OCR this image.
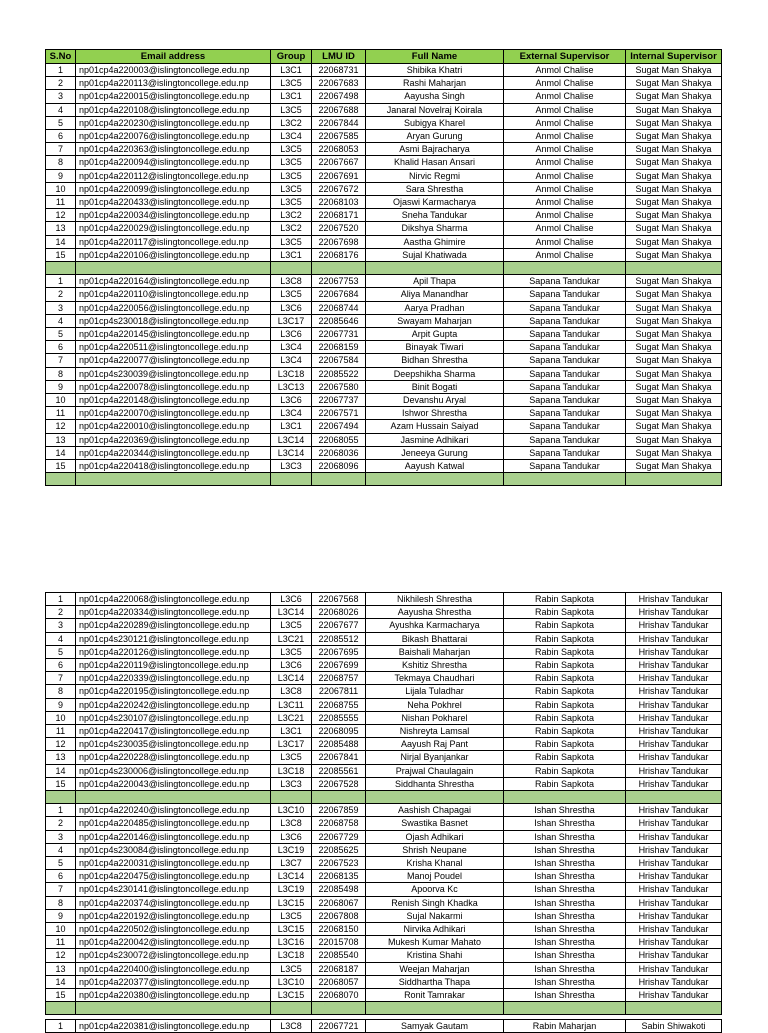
S.No	Email address	Group	LMU ID	Full Name	External Supervisor	Internal Supervisor
1	np01cp4a220003@islingtoncollege.edu.np	L3C1	22068731	Shibika Khatri	Anmol Chalise	Sugat Man Shakya
2	np01cp4a220113@islingtoncollege.edu.np	L3C5	22067683	Rashi Maharjan	Anmol Chalise	Sugat Man Shakya
3	np01cp4a220015@islingtoncollege.edu.np	L3C1	22067498	Aayusha Singh	Anmol Chalise	Sugat Man Shakya
4	np01cp4a220108@islingtoncollege.edu.np	L3C5	22067688	Janaral Novelraj Koirala	Anmol Chalise	Sugat Man Shakya
5	np01cp4a220230@islingtoncollege.edu.np	L3C2	22067844	Subigya Kharel	Anmol Chalise	Sugat Man Shakya
6	np01cp4a220076@islingtoncollege.edu.np	L3C4	22067585	Aryan Gurung	Anmol Chalise	Sugat Man Shakya
7	np01cp4a220363@islingtoncollege.edu.np	L3C5	22068053	Asmi Bajracharya	Anmol Chalise	Sugat Man Shakya
8	np01cp4a220094@islingtoncollege.edu.np	L3C5	22067667	Khalid Hasan Ansari	Anmol Chalise	Sugat Man Shakya
9	np01cp4a220112@islingtoncollege.edu.np	L3C5	22067691	Nirvic Regmi	Anmol Chalise	Sugat Man Shakya
10	np01cp4a220099@islingtoncollege.edu.np	L3C5	22067672	Sara Shrestha	Anmol Chalise	Sugat Man Shakya
11	np01cp4a220433@islingtoncollege.edu.np	L3C5	22068103	Ojaswi Karmacharya	Anmol Chalise	Sugat Man Shakya
12	np01cp4a220034@islingtoncollege.edu.np	L3C2	22068171	Sneha Tandukar	Anmol Chalise	Sugat Man Shakya
13	np01cp4a220029@islingtoncollege.edu.np	L3C2	22067520	Dikshya Sharma	Anmol Chalise	Sugat Man Shakya
14	np01cp4a220117@islingtoncollege.edu.np	L3C5	22067698	Aastha Ghimire	Anmol Chalise	Sugat Man Shakya
15	np01cp4a220106@islingtoncollege.edu.np	L3C1	22068176	Sujal Khatiwada	Anmol Chalise	Sugat Man Shakya

1	np01cp4a220164@islingtoncollege.edu.np	L3C8	22067753	Apil Thapa	Sapana Tandukar	Sugat Man Shakya
2	np01cp4a220110@islingtoncollege.edu.np	L3C5	22067684	Aliya Manandhar	Sapana Tandukar	Sugat Man Shakya
3	np01cp4a220056@islingtoncollege.edu.np	L3C6	22068744	Aarya Pradhan	Sapana Tandukar	Sugat Man Shakya
4	np01cp4s230018@islingtoncollege.edu.np	L3C17	22085646	Swayam Maharjan	Sapana Tandukar	Sugat Man Shakya
5	np01cp4a220145@islingtoncollege.edu.np	L3C6	22067731	Arpit Gupta	Sapana Tandukar	Sugat Man Shakya
6	np01cp4a220511@islingtoncollege.edu.np	L3C4	22068159	Binayak Tiwari	Sapana Tandukar	Sugat Man Shakya
7	np01cp4a220077@islingtoncollege.edu.np	L3C4	22067584	Bidhan Shrestha	Sapana Tandukar	Sugat Man Shakya
8	np01cp4s230039@islingtoncollege.edu.np	L3C18	22085522	Deepshikha Sharma	Sapana Tandukar	Sugat Man Shakya
9	np01cp4a220078@islingtoncollege.edu.np	L3C13	22067580	Binit Bogati	Sapana Tandukar	Sugat Man Shakya
10	np01cp4a220148@islingtoncollege.edu.np	L3C6	22067737	Devanshu Aryal	Sapana Tandukar	Sugat Man Shakya
11	np01cp4a220070@islingtoncollege.edu.np	L3C4	22067571	Ishwor Shrestha	Sapana Tandukar	Sugat Man Shakya
12	np01cp4a220010@islingtoncollege.edu.np	L3C1	22067494	Azam Hussain Saiyad	Sapana Tandukar	Sugat Man Shakya
13	np01cp4a220369@islingtoncollege.edu.np	L3C14	22068055	Jasmine Adhikari	Sapana Tandukar	Sugat Man Shakya
14	np01cp4a220344@islingtoncollege.edu.np	L3C14	22068036	Jeneeya Gurung	Sapana Tandukar	Sugat Man Shakya
15	np01cp4a220418@islingtoncollege.edu.np	L3C3	22068096	Aayush Katwal	Sapana Tandukar	Sugat Man Shakya

1	np01cp4a220068@islingtoncollege.edu.np	L3C6	22067568	Nikhilesh Shrestha	Rabin Sapkota	Hrishav Tandukar
2	np01cp4a220334@islingtoncollege.edu.np	L3C14	22068026	Aayusha Shrestha	Rabin Sapkota	Hrishav Tandukar
3	np01cp4a220289@islingtoncollege.edu.np	L3C5	22067677	Ayushka Karmacharya	Rabin Sapkota	Hrishav Tandukar
4	np01cp4s230121@islingtoncollege.edu.np	L3C21	22085512	Bikash Bhattarai	Rabin Sapkota	Hrishav Tandukar
5	np01cp4a220126@islingtoncollege.edu.np	L3C5	22067695	Baishali Maharjan	Rabin Sapkota	Hrishav Tandukar
6	np01cp4a220119@islingtoncollege.edu.np	L3C6	22067699	Kshitiz Shrestha	Rabin Sapkota	Hrishav Tandukar
7	np01cp4a220339@islingtoncollege.edu.np	L3C14	22068757	Tekmaya Chaudhari	Rabin Sapkota	Hrishav Tandukar
8	np01cp4a220195@islingtoncollege.edu.np	L3C8	22067811	Lijala Tuladhar	Rabin Sapkota	Hrishav Tandukar
9	np01cp4a220242@islingtoncollege.edu.np	L3C11	22068755	Neha Pokhrel	Rabin Sapkota	Hrishav Tandukar
10	np01cp4s230107@islingtoncollege.edu.np	L3C21	22085555	Nishan Pokharel	Rabin Sapkota	Hrishav Tandukar
11	np01cp4a220417@islingtoncollege.edu.np	L3C1	22068095	Nishreyta Lamsal	Rabin Sapkota	Hrishav Tandukar
12	np01cp4s230035@islingtoncollege.edu.np	L3C17	22085488	Aayush Raj Pant	Rabin Sapkota	Hrishav Tandukar
13	np01cp4a220228@islingtoncollege.edu.np	L3C5	22067841	Nirjal Byanjankar	Rabin Sapkota	Hrishav Tandukar
14	np01cp4s230006@islingtoncollege.edu.np	L3C18	22085561	Prajwal Chaulagain	Rabin Sapkota	Hrishav Tandukar
15	np01cp4a220043@islingtoncollege.edu.np	L3C3	22067528	Siddhanta Shrestha	Rabin Sapkota	Hrishav Tandukar

1	np01cp4a220240@islingtoncollege.edu.np	L3C10	22067859	Aashish Chapagai	Ishan Shrestha	Hrishav Tandukar
2	np01cp4a220485@islingtoncollege.edu.np	L3C8	22068758	Swastika Basnet	Ishan Shrestha	Hrishav Tandukar
3	np01cp4a220146@islingtoncollege.edu.np	L3C6	22067729	Ojash Adhikari	Ishan Shrestha	Hrishav Tandukar
4	np01cp4s230084@islingtoncollege.edu.np	L3C19	22085625	Shrish Neupane	Ishan Shrestha	Hrishav Tandukar
5	np01cp4a220031@islingtoncollege.edu.np	L3C7	22067523	Krisha Khanal	Ishan Shrestha	Hrishav Tandukar
6	np01cp4a220475@islingtoncollege.edu.np	L3C14	22068135	Manoj Poudel	Ishan Shrestha	Hrishav Tandukar
7	np01cp4s230141@islingtoncollege.edu.np	L3C19	22085498	Apoorva Kc	Ishan Shrestha	Hrishav Tandukar
8	np01cp4a220374@islingtoncollege.edu.np	L3C15	22068067	Renish Singh Khadka	Ishan Shrestha	Hrishav Tandukar
9	np01cp4a220192@islingtoncollege.edu.np	L3C5	22067808	Sujal Nakarmi	Ishan Shrestha	Hrishav Tandukar
10	np01cp4a220502@islingtoncollege.edu.np	L3C15	22068150	Nirvika Adhikari	Ishan Shrestha	Hrishav Tandukar
11	np01cp4a220042@islingtoncollege.edu.np	L3C16	22015708	Mukesh Kumar Mahato	Ishan Shrestha	Hrishav Tandukar
12	np01cp4s230072@islingtoncollege.edu.np	L3C18	22085540	Kristina Shahi	Ishan Shrestha	Hrishav Tandukar
13	np01cp4a220400@islingtoncollege.edu.np	L3C5	22068187	Weejan Maharjan	Ishan Shrestha	Hrishav Tandukar
14	np01cp4a220377@islingtoncollege.edu.np	L3C10	22068057	Siddhartha Thapa	Ishan Shrestha	Hrishav Tandukar
15	np01cp4a220380@islingtoncollege.edu.np	L3C15	22068070	Ronit Tamrakar	Ishan Shrestha	Hrishav Tandukar

1	np01cp4a220381@islingtoncollege.edu.np	L3C8	22067721	Samyak Gautam	Rabin Maharjan	Sabin Shiwakoti
